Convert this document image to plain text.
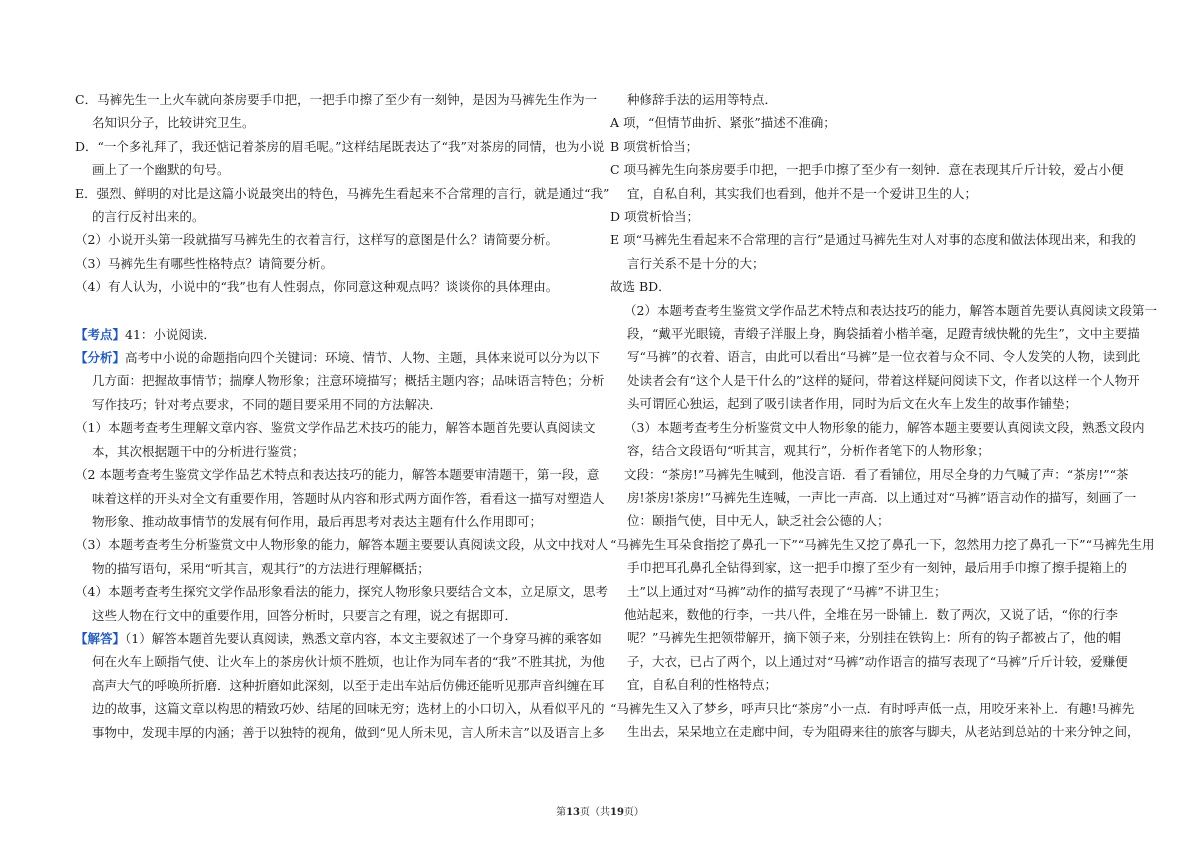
C．马裤先生一上火车就向茶房要手巾把，一把手巾擦了至少有一刻钟，是因为马裤先生作为一

名知识分子，比较讲究卫生。

D．“一个多礼拜了，我还惦记着茶房的眉毛呢。”这样结尾既表达了“我”对茶房的同情，也为小说

画上了一个幽默的句号。

E．强烈、鲜明的对比是这篇小说最突出的特色，马裤先生看起来不合常理的言行，就是通过“我”

的言行反衬出来的。

（2）小说开头第一段就描写马裤先生的衣着言行，这样写的意图是什么？请简要分析。

（3）马裤先生有哪些性格特点？请简要分析。

（4）有人认为，小说中的“我”也有人性弱点，你同意这种观点吗？谈谈你的具体理由。

【考点】41：小说阅读．

【分析】高考中小说的命题指向四个关键词：环境、情节、人物、主题，具体来说可以分为以下

几方面：把握故事情节；揣摩人物形象；注意环境描写；概括主题内容；品味语言特色；分析

写作技巧；针对考点要求，不同的题目要采用不同的方法解决．

（1）本题考查考生理解文章内容、鉴赏文学作品艺术技巧的能力，解答本题首先要认真阅读文

本，其次根据题干中的分析进行鉴赏；

（2 本题考查考生鉴赏文学作品艺术特点和表达技巧的能力，解答本题要审清题干，第一段，意

味着这样的开头对全文有重要作用，答题时从内容和形式两方面作答，看看这一描写对塑造人

物形象、推动故事情节的发展有何作用，最后再思考对表达主题有什么作用即可；

（3）本题考查考生分析鉴赏文中人物形象的能力，解答本题主要要认真阅读文段，从文中找对人

物的描写语句，采用“听其言，观其行”的方法进行理解概括；

（4）本题考查考生探究文学作品形象看法的能力，探究人物形象只要结合文本，立足原文，思考

这些人物在行文中的重要作用，回答分析时，只要言之有理，说之有据即可．

【解答】（1）解答本题首先要认真阅读，熟悉文章内容，本文主要叙述了一个身穿马裤的乘客如

何在火车上颐指气使、让火车上的茶房伙计烦不胜烦，也让作为同车者的“我”不胜其扰，为他

高声大气的呼唤所折磨．这种折磨如此深刻，以至于走出车站后仿佛还能听见那声音纠缠在耳

边的故事，这篇文章以构思的精致巧妙、结尾的回味无穷；选材上的小口切入，从看似平凡的

事物中，发现丰厚的内涵；善于以独特的视角，做到“见人所未见，言人所未言”以及语言上多

种修辞手法的运用等特点．

A 项，“但情节曲折、紧张”描述不准确；

B 项赏析恰当；

C 项马裤先生向茶房要手巾把，一把手巾擦了至少有一刻钟．意在表现其斤斤计较，爱占小便

宜，自私自利，其实我们也看到，他并不是一个爱讲卫生的人；

D 项赏析恰当；

E 项“马裤先生看起来不合常理的言行”是通过马裤先生对人对事的态度和做法体现出来，和我的

言行关系不是十分的大；

故选 BD．

（2）本题考查考生鉴赏文学作品艺术特点和表达技巧的能力，解答本题首先要认真阅读文段第一

段，“戴平光眼镜，青缎子洋服上身，胸袋插着小楷羊毫，足蹬青绒快靴的先生”，文中主要描

写“马裤”的衣着、语言，由此可以看出“马裤”是一位衣着与众不同、令人发笑的人物，读到此

处读者会有“这个人是干什么的”这样的疑问，带着这样疑问阅读下文，作者以这样一个人物开

头可谓匠心独运，起到了吸引读者作用，同时为后文在火车上发生的故事作铺垫；

（3）本题考查考生分析鉴赏文中人物形象的能力，解答本题主要要认真阅读文段，熟悉文段内

容，结合文段语句“听其言，观其行”，分析作者笔下的人物形象；

文段：“茶房!”马裤先生喊到，他没言语．看了看铺位，用尽全身的力气喊了声：“茶房!”“茶

房!茶房!茶房!”马裤先生连喊，一声比一声高．以上通过对“马裤”语言动作的描写，刻画了一

位：颐指气使，目中无人，缺乏社会公德的人；

“马裤先生耳朵食指挖了鼻孔一下”“马裤先生又挖了鼻孔一下，忽然用力挖了鼻孔一下”“马裤先生用

手巾把耳孔鼻孔全钻得到家，这一把手巾擦了至少有一刻钟，最后用手巾擦了擦手提箱上的

土”以上通过对“马裤”动作的描写表现了“马裤”不讲卫生；

他站起来，数他的行李，一共八件，全堆在另一卧铺上．数了两次，又说了话，“你的行李

呢？”马裤先生把领带解开，摘下领子来，分别挂在铁钩上：所有的钩子都被占了，他的帽

子，大衣，已占了两个，以上通过对“马裤”动作语言的描写表现了“马裤”斤斤计较，爱赚便

宜，自私自利的性格特点；

“马裤先生又入了梦乡，呼声只比“茶房”小一点．有时呼声低一点，用咬牙来补上．有趣!马裤先

生出去，呆呆地立在走廊中间，专为阻碍来往的旅客与脚夫，从老站到总站的十来分钟之间，

第13页（共19页）
